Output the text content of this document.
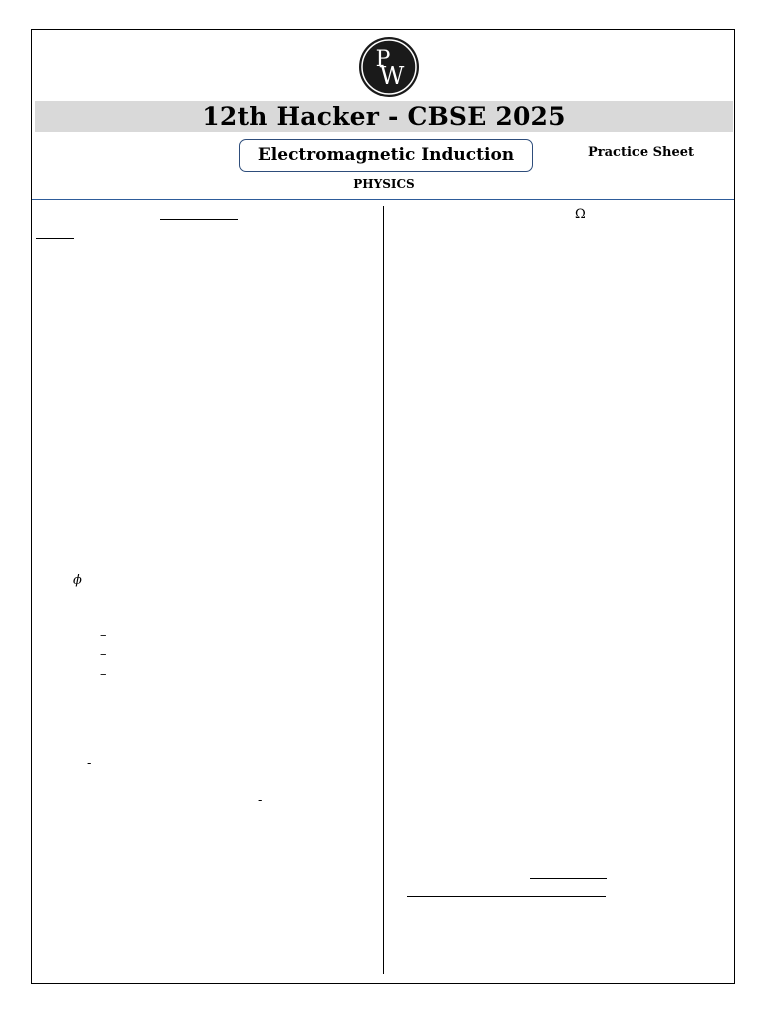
P
W
12th Hacker - CBSE 2025
Electromagnetic Induction	Practice Sheet
PHYSICS
ϕ
–
–
–
-
-
Ω
